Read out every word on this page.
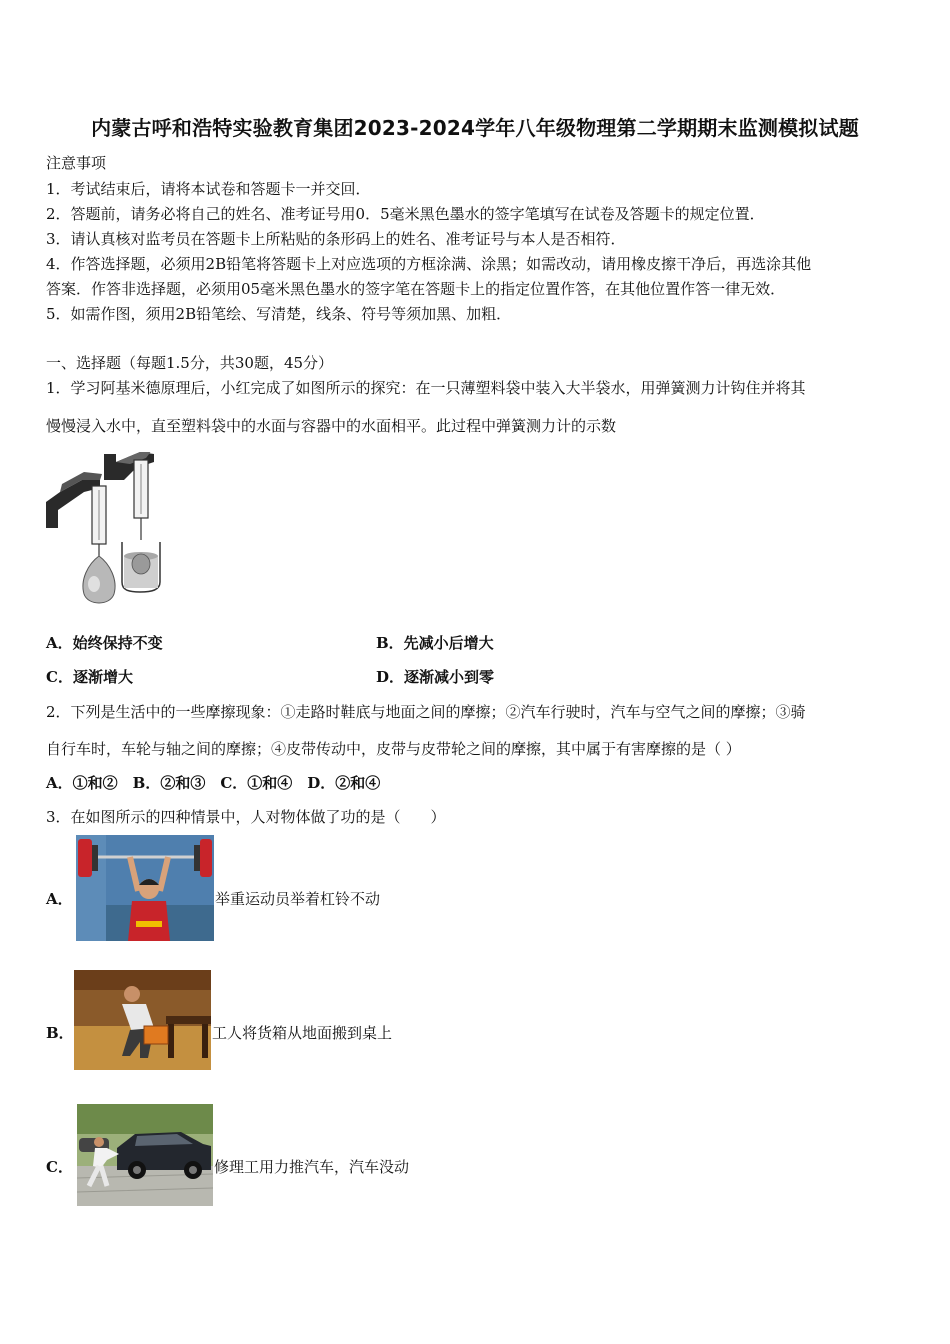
内蒙古呼和浩特实验教育集团2023-2024学年八年级物理第二学期期末监测模拟试题
注意事项
1．考试结束后，请将本试卷和答题卡一并交回．
2．答题前，请务必将自己的姓名、准考证号用0．5毫米黑色墨水的签字笔填写在试卷及答题卡的规定位置．
3．请认真核对监考员在答题卡上所粘贴的条形码上的姓名、准考证号与本人是否相符．
4．作答选择题，必须用2B铅笔将答题卡上对应选项的方框涂满、涂黑；如需改动，请用橡皮擦干净后，再选涂其他
答案．作答非选择题，必须用05毫米黑色墨水的签字笔在答题卡上的指定位置作答，在其他位置作答一律无效．
5．如需作图，须用2B铅笔绘、写清楚，线条、符号等须加黑、加粗．
一、选择题（每题1.5分，共30题，45分）
1．学习阿基米德原理后，小红完成了如图所示的探究：在一只薄塑料袋中装入大半袋水，用弹簧测力计钩住并将其
慢慢浸入水中，直至塑料袋中的水面与容器中的水面相平。此过程中弹簧测力计的示数
A．始终保持不变	B．先减小后增大
C．逐渐增大	D．逐渐减小到零
2．下列是生活中的一些摩擦现象：①走路时鞋底与地面之间的摩擦；②汽车行驶时，汽车与空气之间的摩擦；③骑
自行车时，车轮与轴之间的摩擦；④皮带传动中，皮带与皮带轮之间的摩擦，其中属于有害摩擦的是（ ）
A．①和②　B．②和③　C．①和④　D．②和④
3．在如图所示的四种情景中，人对物体做了功的是（　　）
A．	举重运动员举着杠铃不动
B．	工人将货箱从地面搬到桌上
C．	修理工用力推汽车，汽车没动
